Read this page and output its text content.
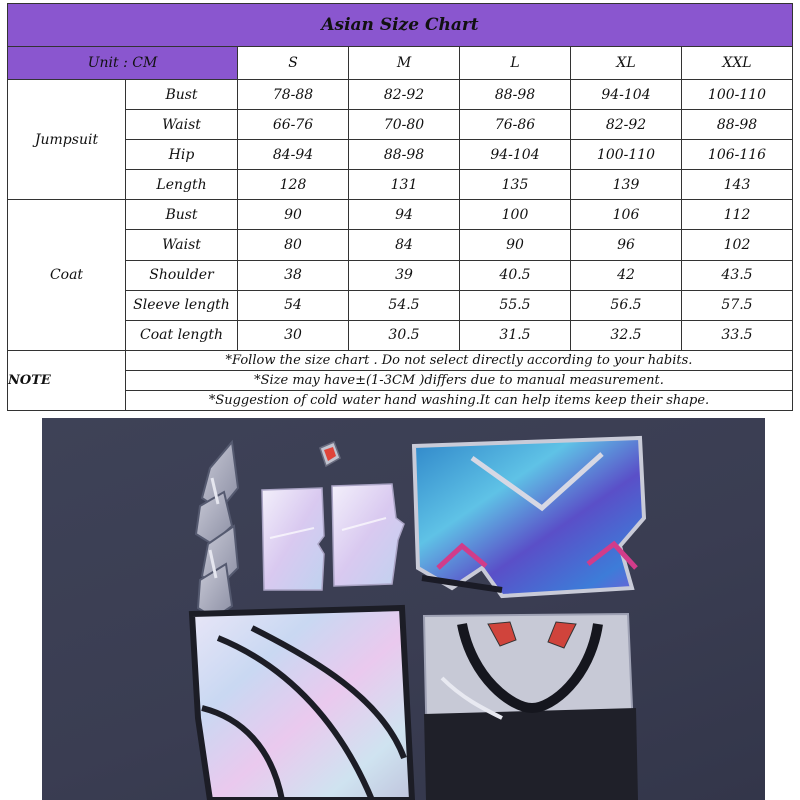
Asian Size Chart						
Unit : CM		S	M	L	XL	XXL
Jumpsuit	Bust	78-88	82-92	88-98	94-104	100-110
	Waist	66-76	70-80	76-86	82-92	88-98
	Hip	84-94	88-98	94-104	100-110	106-116
	Length	128	131	135	139	143
Coat	Bust	90	94	100	106	112
	Waist	80	84	90	96	102
	Shoulder	38	39	40.5	42	43.5
	Sleeve length	54	54.5	55.5	56.5	57.5
	Coat length	30	30.5	31.5	32.5	33.5
NOTE	*Follow the size chart . Do not select directly according to your habits.					
	*Size may have±(1-3CM )differs due to manual measurement.					
	*Suggestion of cold water hand washing.It can help items keep their shape.					
